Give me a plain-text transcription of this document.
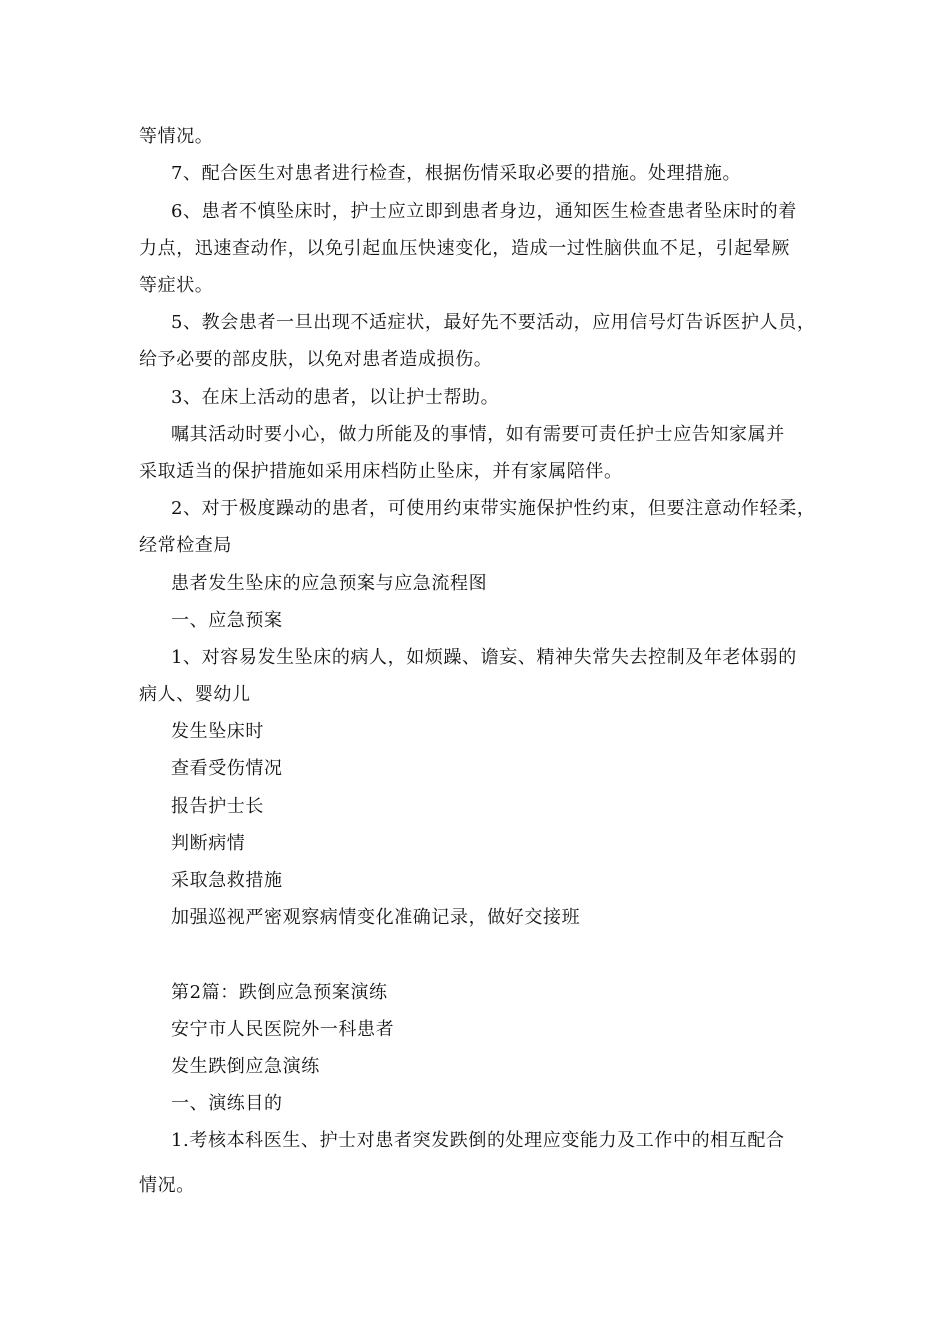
等情况。
7、配合医生对患者进行检查，根据伤情采取必要的措施。处理措施。
6、患者不慎坠床时，护士应立即到患者身边，通知医生检查患者坠床时的着
力点，迅速查动作，以免引起血压快速变化，造成一过性脑供血不足，引起晕厥
等症状。
5、教会患者一旦出现不适症状，最好先不要活动，应用信号灯告诉医护人员，
给予必要的部皮肤，以免对患者造成损伤。
3、在床上活动的患者，以让护士帮助。
嘱其活动时要小心，做力所能及的事情，如有需要可责任护士应告知家属并
采取适当的保护措施如采用床档防止坠床，并有家属陪伴。
2、对于极度躁动的患者，可使用约束带实施保护性约束，但要注意动作轻柔，
经常检查局
患者发生坠床的应急预案与应急流程图
一、应急预案
1、对容易发生坠床的病人，如烦躁、谵妄、精神失常失去控制及年老体弱的
病人、婴幼儿
发生坠床时
查看受伤情况
报告护士长
判断病情
采取急救措施
加强巡视严密观察病情变化准确记录，做好交接班
第2篇：跌倒应急预案演练
安宁市人民医院外一科患者
发生跌倒应急演练
一、演练目的
1.考核本科医生、护士对患者突发跌倒的处理应变能力及工作中的相互配合
情况。
